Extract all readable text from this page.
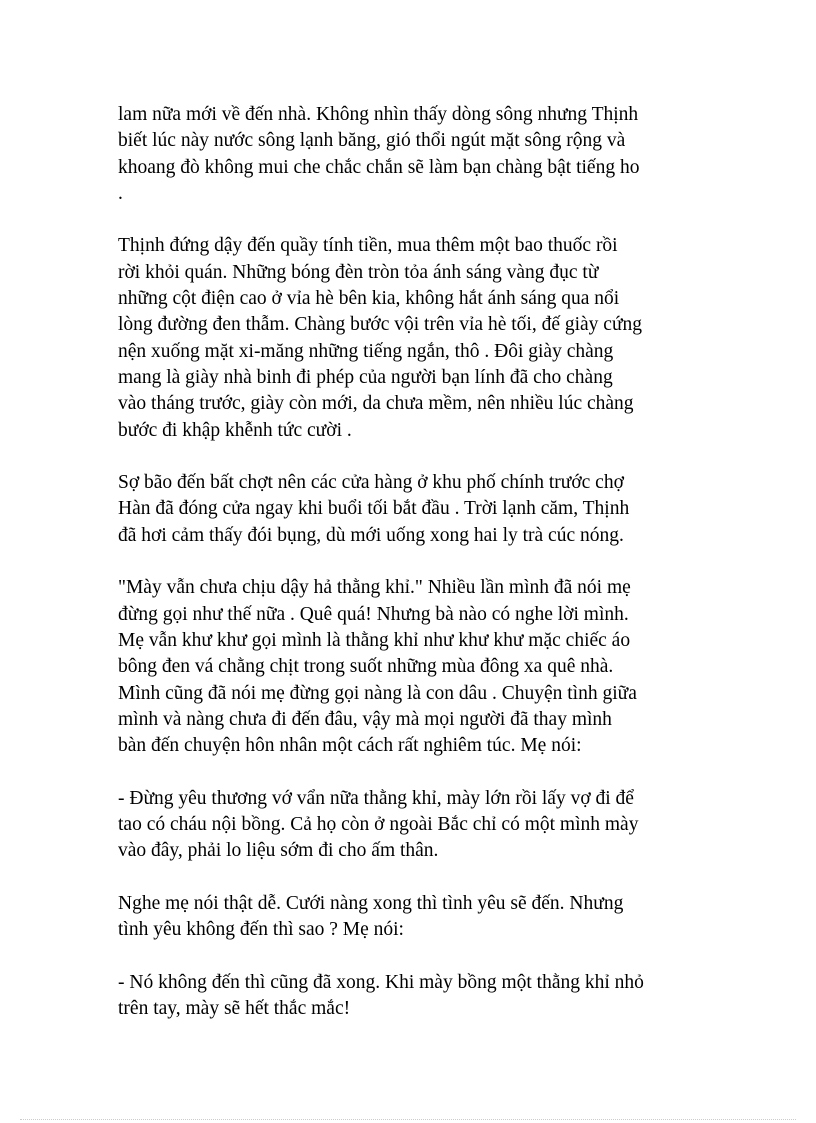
lam nữa mới về đến nhà. Không nhìn thấy dòng sông nhưng Thịnh
biết lúc này nước sông lạnh băng, gió thổi ngút mặt sông rộng và
khoang đò không mui che chắc chắn sẽ làm bạn chàng bật tiếng ho
.
Thịnh đứng dậy đến quầy tính tiền, mua thêm một bao thuốc rồi
rời khỏi quán. Những bóng đèn tròn tỏa ánh sáng vàng đục từ
những cột điện cao ở vỉa hè bên kia, không hắt ánh sáng qua nổi
lòng đường đen thẫm. Chàng bước vội trên vỉa hè tối, đế giày cứng
nện xuống mặt xi-măng những tiếng ngắn, thô . Đôi giày chàng
mang là giày nhà binh đi phép của người bạn lính đã cho chàng
vào tháng trước, giày còn mới, da chưa mềm, nên nhiều lúc chàng
bước đi khập khễnh tức cười .
Sợ bão đến bất chợt nên các cửa hàng ở khu phố chính trước chợ
Hàn đã đóng cửa ngay khi buổi tối bắt đầu . Trời lạnh căm, Thịnh
đã hơi cảm thấy đói bụng, dù mới uống xong hai ly trà cúc nóng.
"Mày vẫn chưa chịu dậy hả thằng khỉ." Nhiều lần mình đã nói mẹ
đừng gọi như thế nữa . Quê quá! Nhưng bà nào có nghe lời mình.
Mẹ vẫn khư khư gọi mình là thằng khỉ như khư khư mặc chiếc áo
bông đen vá chằng chịt trong suốt những mùa đông xa quê nhà.
Mình cũng đã nói mẹ đừng gọi nàng là con dâu . Chuyện tình giữa
mình và nàng chưa đi đến đâu, vậy mà mọi người đã thay mình
bàn đến chuyện hôn nhân một cách rất nghiêm túc. Mẹ nói:
- Đừng yêu thương vớ vẩn nữa thằng khỉ, mày lớn rồi lấy vợ đi để
tao có cháu nội bồng. Cả họ còn ở ngoài Bắc chỉ có một mình mày
vào đây, phải lo liệu sớm đi cho ấm thân.
Nghe mẹ nói thật dễ. Cưới nàng xong thì tình yêu sẽ đến. Nhưng
tình yêu không đến thì sao ? Mẹ nói:
- Nó không đến thì cũng đã xong. Khi mày bồng một thằng khỉ nhỏ
trên tay, mày sẽ hết thắc mắc!
